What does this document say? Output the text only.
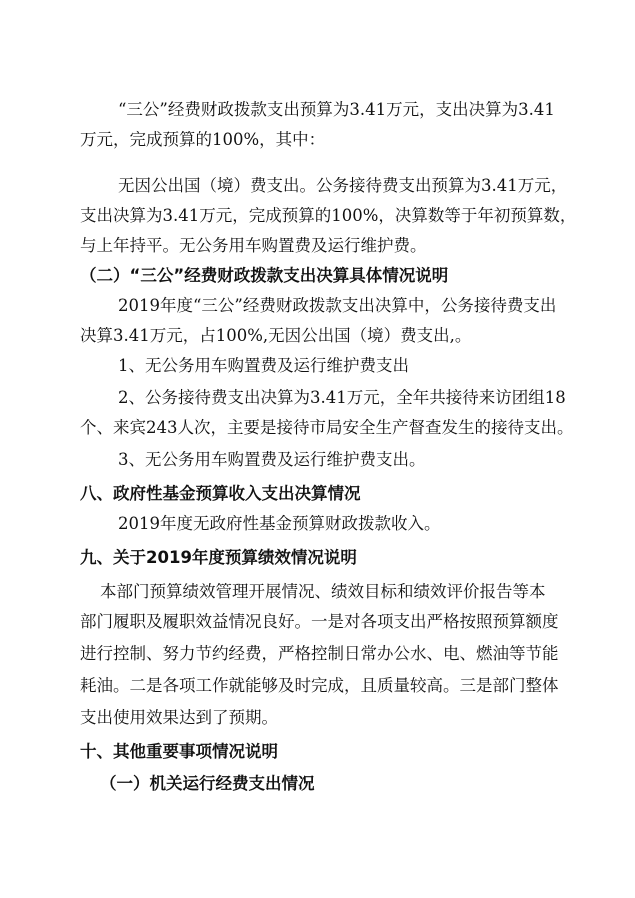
“三公”经费财政拨款支出预算为3.41万元，支出决算为3.41

万元，完成预算的100%，其中：

无因公出国（境）费支出。公务接待费支出预算为3.41万元，

支出决算为3.41万元，完成预算的100%，决算数等于年初预算数，

与上年持平。无公务用车购置费及运行维护费。

（二）“三公”经费财政拨款支出决算具体情况说明

2019年度“三公”经费财政拨款支出决算中，公务接待费支出

决算3.41万元，占100%,无因公出国（境）费支出,。

1、无公务用车购置费及运行维护费支出

2、公务接待费支出决算为3.41万元，全年共接待来访团组18

个、来宾243人次，主要是接待市局安全生产督查发生的接待支出。

3、无公务用车购置费及运行维护费支出。

八、政府性基金预算收入支出决算情况

2019年度无政府性基金预算财政拨款收入。

九、关于2019年度预算绩效情况说明

本部门预算绩效管理开展情况、绩效目标和绩效评价报告等本

部门履职及履职效益情况良好。一是对各项支出严格按照预算额度

进行控制、努力节约经费，严格控制日常办公水、电、燃油等节能

耗油。二是各项工作就能够及时完成，且质量较高。三是部门整体

支出使用效果达到了预期。

十、其他重要事项情况说明

（一）机关运行经费支出情况
